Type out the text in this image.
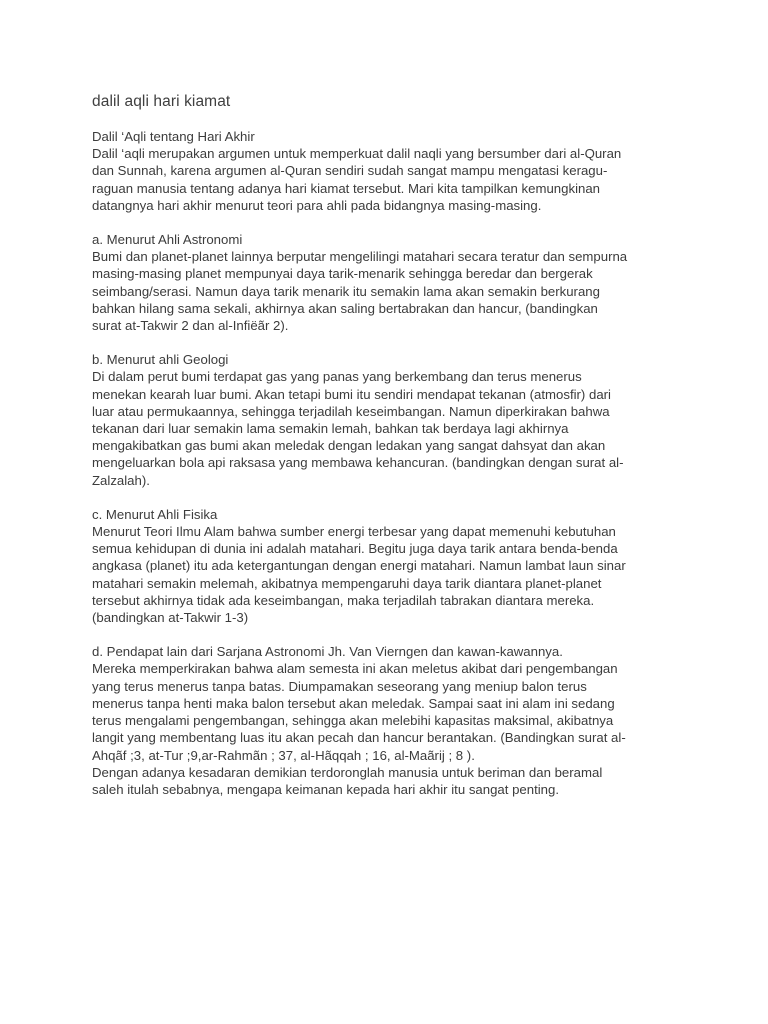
dalil aqli hari kiamat
Dalil ‘Aqli tentang Hari Akhir
Dalil ‘aqli merupakan argumen untuk memperkuat dalil naqli yang bersumber dari al-Quran
dan Sunnah, karena argumen al-Quran sendiri sudah sangat mampu mengatasi keragu-
raguan manusia tentang adanya hari kiamat tersebut. Mari kita tampilkan kemungkinan
datangnya hari akhir menurut teori para ahli pada bidangnya masing-masing.
a. Menurut Ahli Astronomi
Bumi dan planet-planet lainnya berputar mengelilingi matahari secara teratur dan sempurna
masing-masing planet mempunyai daya tarik-menarik sehingga beredar dan bergerak
seimbang/serasi. Namun daya tarik menarik itu semakin lama akan semakin berkurang
bahkan hilang sama sekali, akhirnya akan saling bertabrakan dan hancur, (bandingkan
surat at-Takwir 2 dan al-Infiëãr 2).
b. Menurut ahli Geologi
Di dalam perut bumi terdapat gas yang panas yang berkembang dan terus menerus
menekan kearah luar bumi. Akan tetapi bumi itu sendiri mendapat tekanan (atmosfir) dari
luar atau permukaannya, sehingga terjadilah keseimbangan. Namun diperkirakan bahwa
tekanan dari luar semakin lama semakin lemah, bahkan tak berdaya lagi akhirnya
mengakibatkan gas bumi akan meledak dengan ledakan yang sangat dahsyat dan akan
mengeluarkan bola api raksasa yang membawa kehancuran. (bandingkan dengan surat al-
Zalzalah).
c. Menurut Ahli Fisika
Menurut Teori Ilmu Alam bahwa sumber energi terbesar yang dapat memenuhi kebutuhan
semua kehidupan di dunia ini adalah matahari. Begitu juga daya tarik antara benda-benda
angkasa (planet) itu ada ketergantungan dengan energi matahari. Namun lambat laun sinar
matahari semakin melemah, akibatnya mempengaruhi daya tarik diantara planet-planet
tersebut akhirnya tidak ada keseimbangan, maka terjadilah tabrakan diantara mereka.
(bandingkan at-Takwir 1-3)
d. Pendapat lain dari Sarjana Astronomi Jh. Van Vierngen dan kawan-kawannya.
Mereka memperkirakan bahwa alam semesta ini akan meletus akibat dari pengembangan
yang terus menerus tanpa batas. Diumpamakan seseorang yang meniup balon terus
menerus tanpa henti maka balon tersebut akan meledak. Sampai saat ini alam ini sedang
terus mengalami pengembangan, sehingga akan melebihi kapasitas maksimal, akibatnya
langit yang membentang luas itu akan pecah dan hancur berantakan. (Bandingkan surat al-
Ahqãf ;3, at-Tur ;9,ar-Rahmãn ; 37, al-Hãqqah ; 16, al-Maãrij ; 8 ).
Dengan adanya kesadaran demikian terdoronglah manusia untuk beriman dan beramal
saleh itulah sebabnya, mengapa keimanan kepada hari akhir itu sangat penting.
